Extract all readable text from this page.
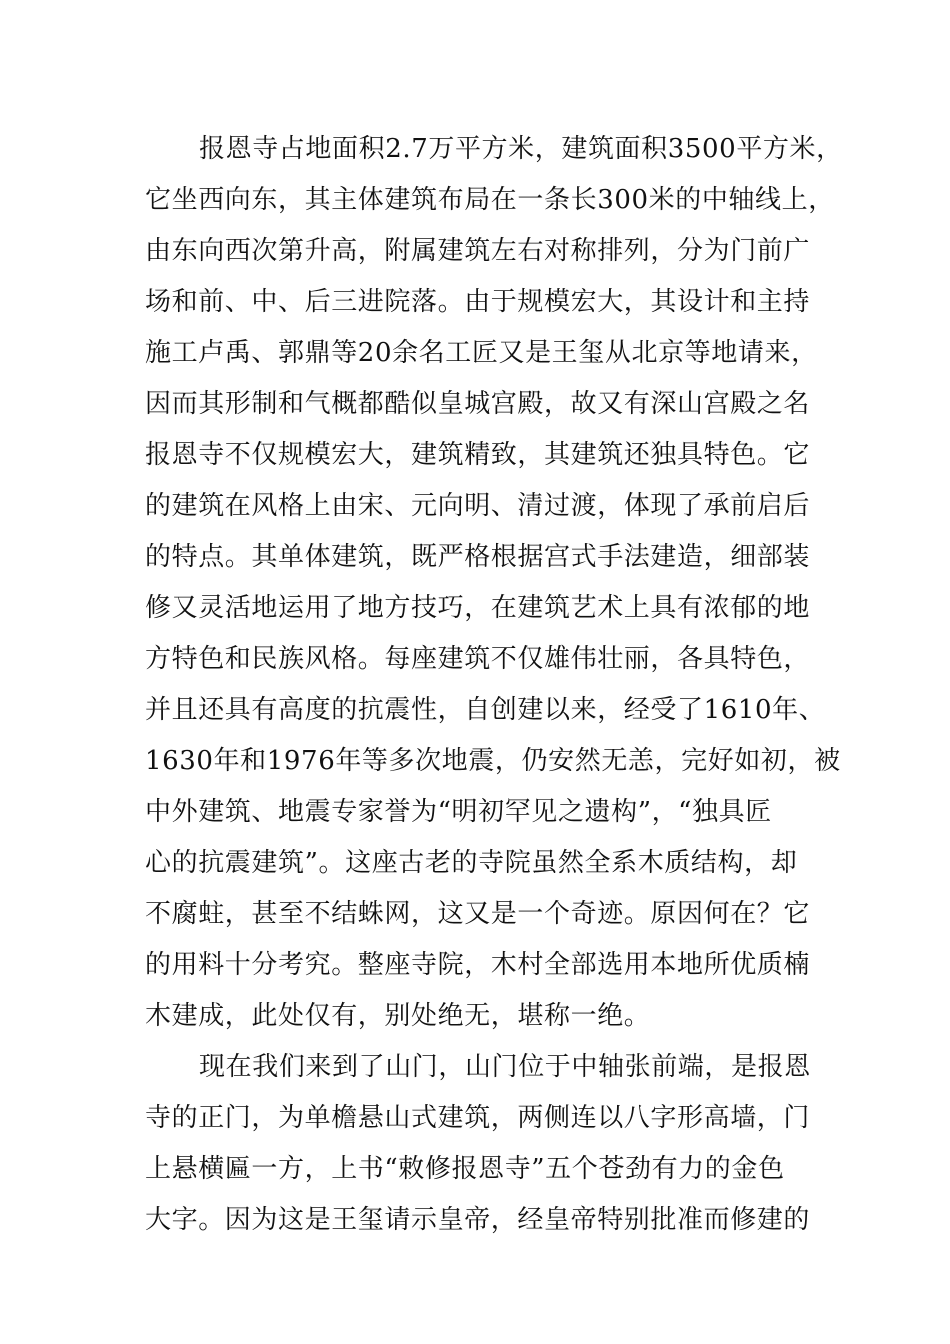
报恩寺占地面积2.7万平方米，建筑面积3500平方米，
它坐西向东，其主体建筑布局在一条长300米的中轴线上，
由东向西次第升高，附属建筑左右对称排列，分为门前广
场和前、中、后三进院落。由于规模宏大，其设计和主持
施工卢禹、郭鼎等20余名工匠又是王玺从北京等地请来，
因而其形制和气概都酷似皇城宫殿，故又有深山宫殿之名
报恩寺不仅规模宏大，建筑精致，其建筑还独具特色。它
的建筑在风格上由宋、元向明、清过渡，体现了承前启后
的特点。其单体建筑，既严格根据宫式手法建造，细部装
修又灵活地运用了地方技巧，在建筑艺术上具有浓郁的地
方特色和民族风格。每座建筑不仅雄伟壮丽，各具特色，
并且还具有高度的抗震性，自创建以来，经受了1610年、
1630年和1976年等多次地震，仍安然无恙，完好如初，被
中外建筑、地震专家誉为“明初罕见之遗构”，“独具匠
心的抗震建筑”。这座古老的寺院虽然全系木质结构，却
不腐蛀，甚至不结蛛网，这又是一个奇迹。原因何在？它
的用料十分考究。整座寺院，木村全部选用本地所优质楠
木建成，此处仅有，别处绝无，堪称一绝。
现在我们来到了山门，山门位于中轴张前端，是报恩
寺的正门，为单檐悬山式建筑，两侧连以八字形高墙，门
上悬横匾一方，上书“敕修报恩寺”五个苍劲有力的金色
大字。因为这是王玺请示皇帝，经皇帝特别批准而修建的
